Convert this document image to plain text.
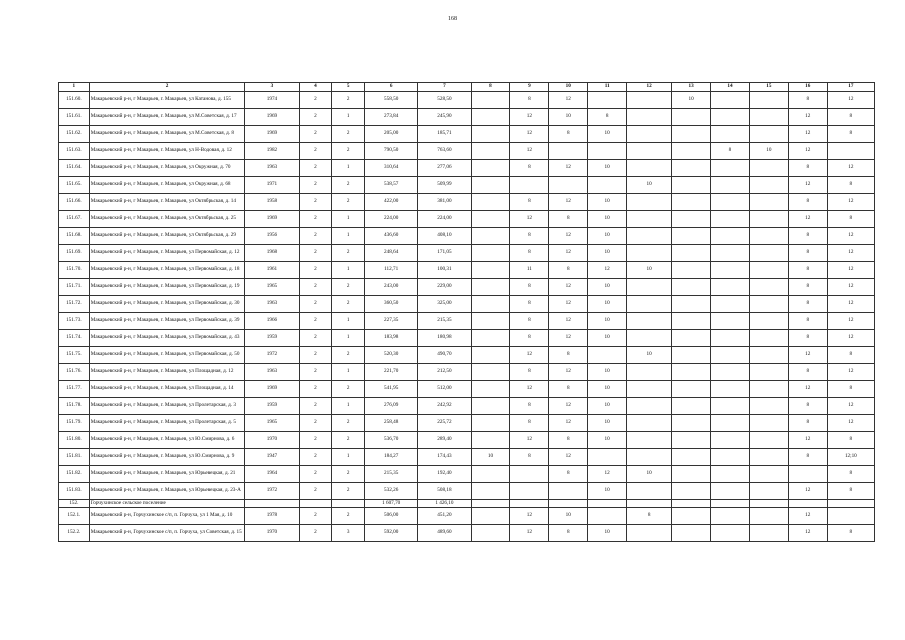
168
1	2	3	4	5	6	7	8	9	10	11	12	13	14	15	16	17
151.60.	Макарьевский р-н, г Макарьев, г. Макарьев, ул Катанова, д. 155	1974	2	2	558,50	528,50		8	12			10			8	12
151.61.	Макарьевский р-н, г Макарьев, г. Макарьев, ул М.Советская, д. 17	1969	2	1	273,84	245,90		12	10	8					12	8
151.62.	Макарьевский р-н, г Макарьев, г. Макарьев, ул М.Советская, д. 8	1969	2	2	205,00	185,71		12	8	10					12	8
151.63.	Макарьевский р-н, г Макарьев, г. Макарьев, ул Н-Водовая, д. 12	1982	2	2	790,50	763,60		12					8	10	12	
151.64.	Макарьевский р-н, г Макарьев, г. Макарьев, ул Окружная, д. 70	1963	2	1	310,64	277,06		8	12	10					8	12
151.65.	Макарьевский р-н, г Макарьев, г. Макарьев, ул Окружная, д. 68	1971	2	2	538,57	509,99					10				12	8
151.66.	Макарьевский р-н, г Макарьев, г. Макарьев, ул Октябрьская, д. 14	1958	2	2	422,00	381,00		8	12	10					8	12
151.67.	Макарьевский р-н, г Макарьев, г. Макарьев, ул Октябрьская, д. 25	1969	2	1	224,00	224,00		12	8	10					12	8
151.68.	Макарьевский р-н, г Макарьев, г. Макарьев, ул Октябрьская, д. 29	1956	2	1	436,60	408,10		8	12	10					8	12
151.69.	Макарьевский р-н, г Макарьев, г. Макарьев, ул Первомайская, д. 12	1968	2	2	248,64	171,05		8	12	10					8	12
151.70.	Макарьевский р-н, г Макарьев, г. Макарьев, ул Первомайская, д. 18	1961	2	1	112,71	100,31		11	8	12	10				8	12
151.71.	Макарьевский р-н, г Макарьев, г. Макарьев, ул Первомайская, д. 19	1965	2	2	243,00	229,00		8	12	10					8	12
151.72.	Макарьевский р-н, г Макарьев, г. Макарьев, ул Первомайская, д. 30	1963	2	2	360,50	325,00		8	12	10					8	12
151.73.	Макарьевский р-н, г Макарьев, г. Макарьев, ул Первомайская, д. 39	1966	2	1	227,35	215,35		8	12	10					8	12
151.74.	Макарьевский р-н, г Макарьев, г. Макарьев, ул Первомайская, д. 43	1959	2	1	183,98	180,98		8	12	10					8	12
151.75.	Макарьевский р-н, г Макарьев, г. Макарьев, ул Первомайская, д. 50	1972	2	2	520,30	490,70		12	8		10				12	8
151.76.	Макарьевский р-н, г Макарьев, г. Макарьев, ул Площадная, д. 12	1963	2	1	221,70	212,50		8	12	10					8	12
151.77.	Макарьевский р-н, г Макарьев, г. Макарьев, ул Площадная, д. 14	1969	2	2	541,95	512,00		12	8	10					12	8
151.78.	Макарьевский р-н, г Макарьев, г. Макарьев, ул Пролетарская, д. 3	1959	2	1	276,09	242,92		8	12	10					8	12
151.79.	Макарьевский р-н, г Макарьев, г. Макарьев, ул Пролетарская, д. 5	1965	2	2	258,48	225,72		8	12	10					8	12
151.80.	Макарьевский р-н, г Макарьев, г. Макарьев, ул Ю.Смирнова, д. 6	1970	2	2	536,70	289,40		12	8	10					12	8
151.81.	Макарьевский р-н, г Макарьев, г. Макарьев, ул Ю.Смирнова, д. 9	1947	2	1	184,27	174,43	10	8	12						8	12;10
151.82.	Макарьевский р-н, г Макарьев, г. Макарьев, ул Юрьевецкая, д. 21	1964	2	2	215,35	192,40			8	12	10					8
151.83.	Макарьевский р-н, г Макарьев, г. Макарьев, ул Юрьевецкая, д. 23-А	1972	2	2	532,26	508,18				10					12	8
152.	Горчухинское сельское поселение				1 607,70	1 426,10										
152.1.	Макарьевский р-н, Горчухинское с/п, п. Горчуха, ул 1 Мая, д. 10	1978	2	2	506,00	451,20		12	10		8				12	
152.2.	Макарьевский р-н, Горчухинское с/п, п. Горчуха, ул Советская, д. 15	1970	2	3	592,00	489,60		12	8	10					12	8
